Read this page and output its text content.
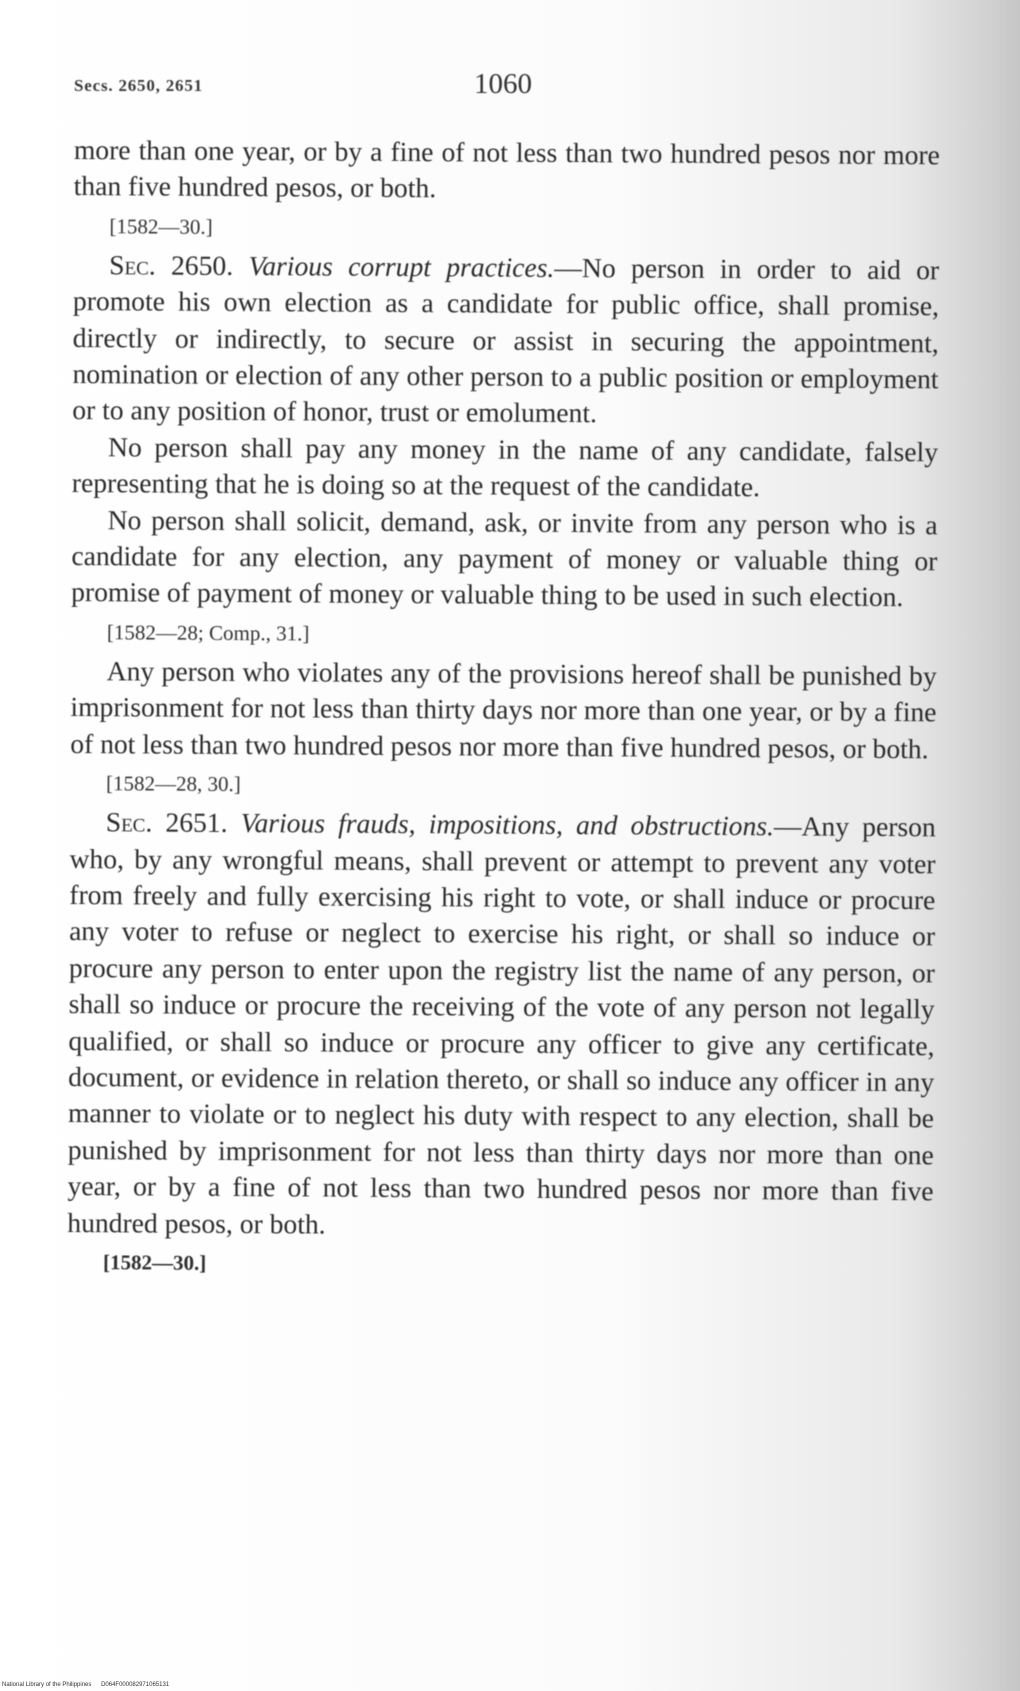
Secs. 2650, 2651	1060

more than one year, or by a fine of not less than two hundred pesos nor more than five hundred pesos, or both.

[1582—30.]

Sec. 2650. Various corrupt practices.—No person in order to aid or promote his own election as a candidate for public office, shall promise, directly or indirectly, to secure or assist in securing the appointment, nomination or election of any other person to a public position or employment or to any position of honor, trust or emolument.

No person shall pay any money in the name of any candidate, falsely representing that he is doing so at the request of the candidate.

No person shall solicit, demand, ask, or invite from any person who is a candidate for any election, any payment of money or valuable thing or promise of payment of money or valuable thing to be used in such election.

[1582—28; Comp., 31.]

Any person who violates any of the provisions hereof shall be punished by imprisonment for not less than thirty days nor more than one year, or by a fine of not less than two hundred pesos nor more than five hundred pesos, or both.

[1582—28, 30.]

Sec. 2651. Various frauds, impositions, and obstructions.—Any person who, by any wrongful means, shall prevent or attempt to prevent any voter from freely and fully exercising his right to vote, or shall induce or procure any voter to refuse or neglect to exercise his right, or shall so induce or procure any person to enter upon the registry list the name of any person, or shall so induce or procure the receiving of the vote of any person not legally qualified, or shall so induce or procure any officer to give any certificate, document, or evidence in relation thereto, or shall so induce any officer in any manner to violate or to neglect his duty with respect to any election, shall be punished by imprisonment for not less than thirty days nor more than one year, or by a fine of not less than two hundred pesos nor more than five hundred pesos, or both.

[1582—30.]

National Library of the Philippines D064F000082971065131
